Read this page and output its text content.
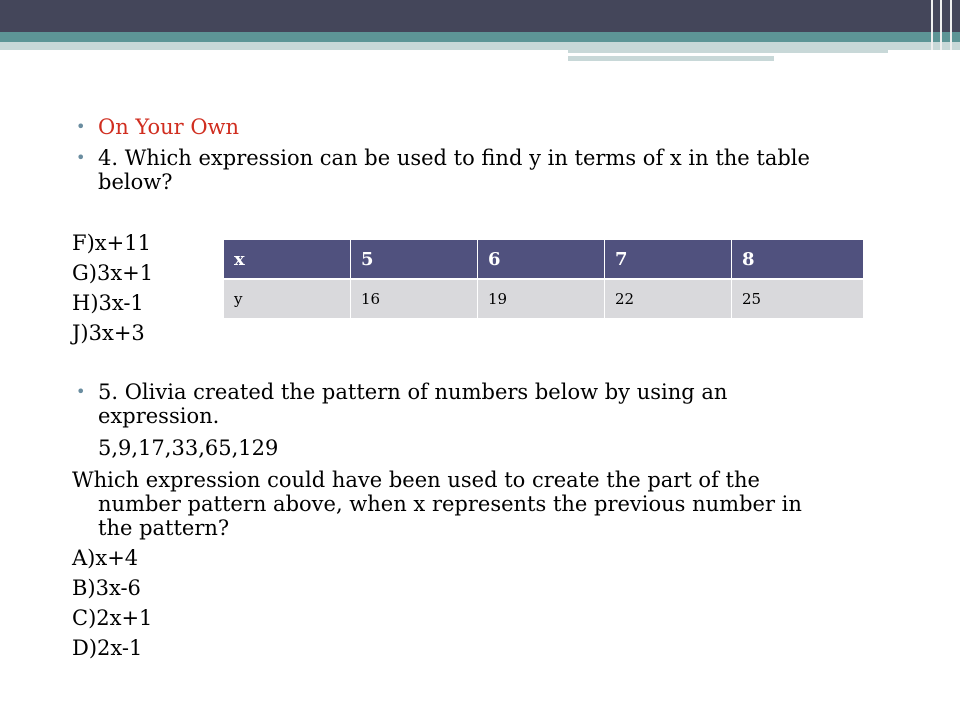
• On Your Own
• 4. Which expression can be used to find y in terms of x in the table
below?
F)x+11
G)3x+1
H)3x-1
J)3x+3
x	5	6	7	8
y	16	19	22	25
• 5. Olivia created the pattern of numbers below by using an
expression.
5,9,17,33,65,129
Which expression could have been used to create the part of the
number pattern above, when x represents the previous number in
the pattern?
A)x+4
B)3x-6
C)2x+1
D)2x-1
